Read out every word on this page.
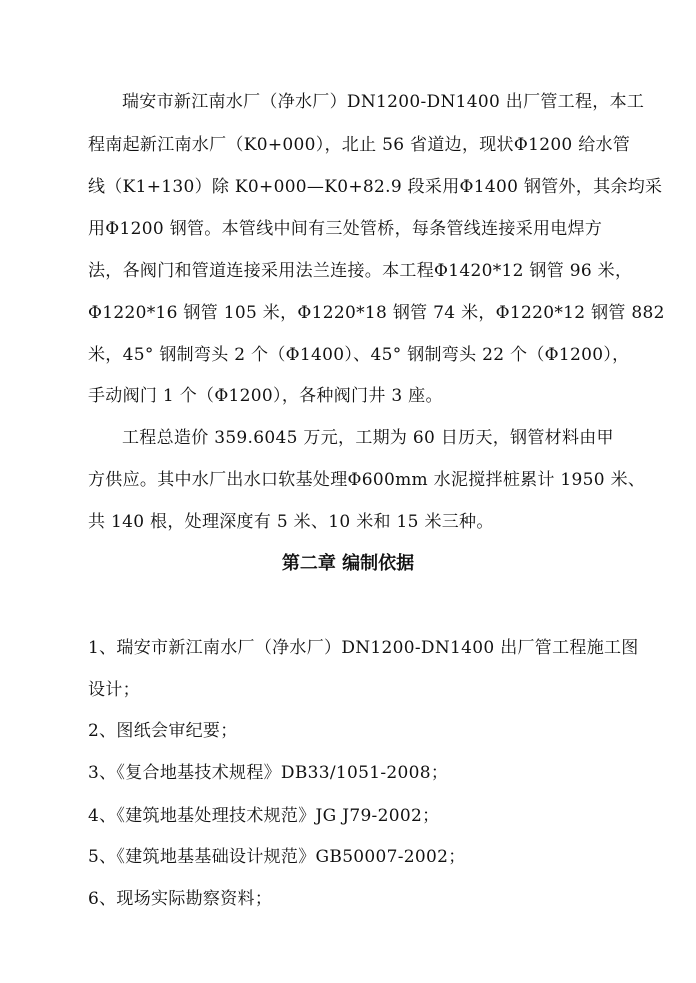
瑞安市新江南水厂（净水厂）DN1200-DN1400 出厂管工程，本工
程南起新江南水厂（K0+000），北止 56 省道边，现状Φ1200 给水管
线（K1+130）除 K0+000—K0+82.9 段采用Φ1400 钢管外，其余均采
用Φ1200 钢管。本管线中间有三处管桥，每条管线连接采用电焊方
法，各阀门和管道连接采用法兰连接。本工程Φ1420*12 钢管 96 米，
Φ1220*16 钢管 105 米，Φ1220*18 钢管 74 米，Φ1220*12 钢管 882
米，45° 钢制弯头 2 个（Φ1400）、45° 钢制弯头 22 个（Φ1200），
手动阀门 1 个（Φ1200），各种阀门井 3 座。
工程总造价 359.6045 万元，工期为 60 日历天，钢管材料由甲
方供应。其中水厂出水口软基处理Φ600mm 水泥搅拌桩累计 1950 米、
共 140 根，处理深度有 5 米、10 米和 15 米三种。
第二章 编制依据
1、瑞安市新江南水厂（净水厂）DN1200-DN1400 出厂管工程施工图
设计；
2、图纸会审纪要；
3、《复合地基技术规程》DB33/1051-2008；
4、《建筑地基处理技术规范》JG J79-2002；
5、《建筑地基基础设计规范》GB50007-2002；
6、现场实际勘察资料；
